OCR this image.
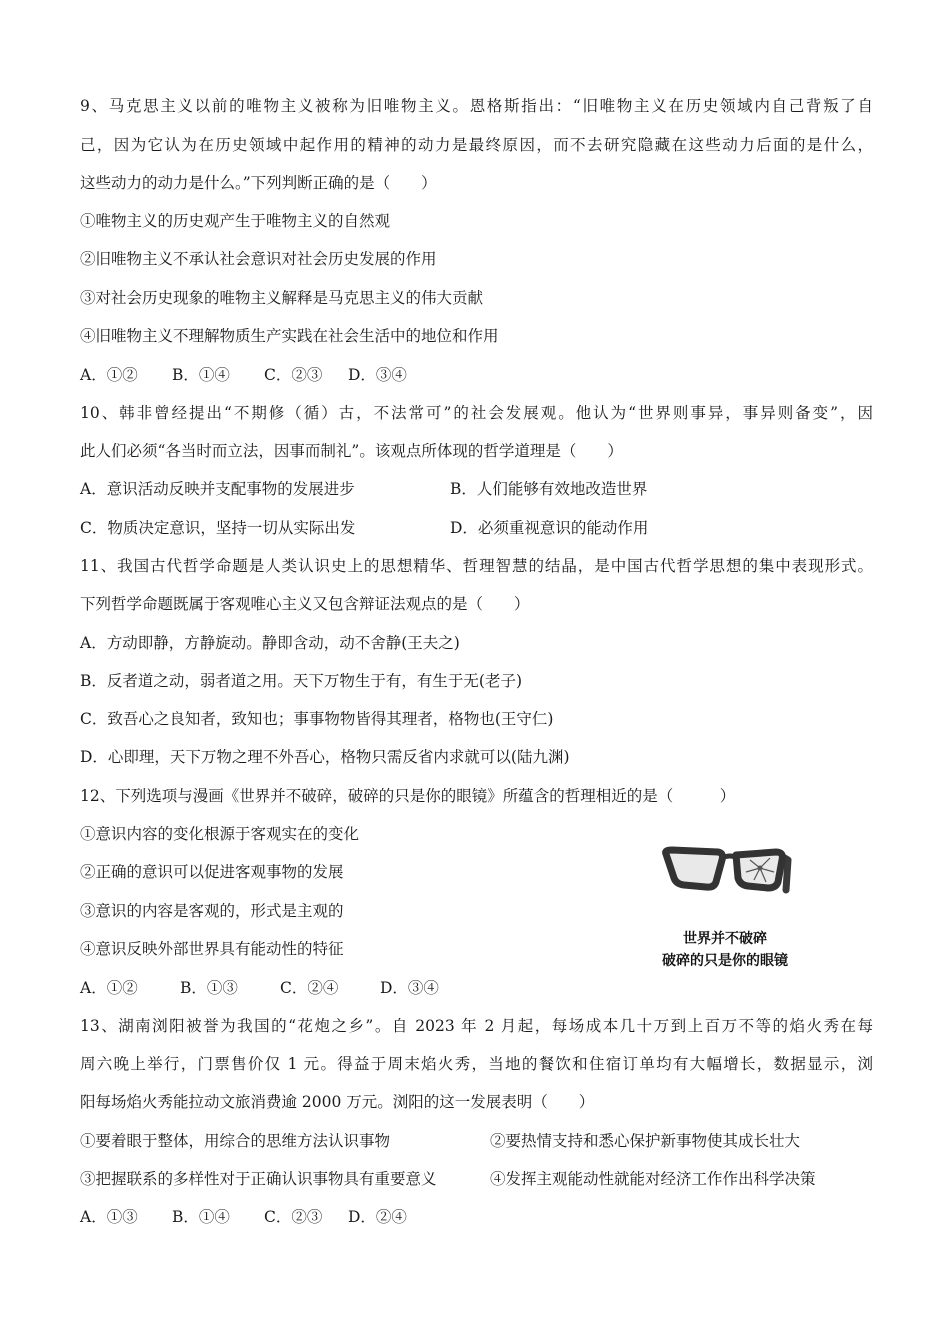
9、马克思主义以前的唯物主义被称为旧唯物主义。恩格斯指出：“旧唯物主义在历史领域内自己背叛了自
己，因为它认为在历史领域中起作用的精神的动力是最终原因，而不去研究隐藏在这些动力后面的是什么，
这些动力的动力是什么。”下列判断正确的是（　　）
①唯物主义的历史观产生于唯物主义的自然观
②旧唯物主义不承认社会意识对社会历史发展的作用
③对社会历史现象的唯物主义解释是马克思主义的伟大贡献
④旧唯物主义不理解物质生产实践在社会生活中的地位和作用
A．①② B．①④ C．②③ D．③④
10、韩非曾经提出“不期修（循）古，不法常可”的社会发展观。他认为“世界则事异，事异则备变”，因
此人们必须“各当时而立法，因事而制礼”。该观点所体现的哲学道理是（　　）
A．意识活动反映并支配事物的发展进步	B．人们能够有效地改造世界
C．物质决定意识，坚持一切从实际出发	D．必须重视意识的能动作用
11、我国古代哲学命题是人类认识史上的思想精华、哲理智慧的结晶，是中国古代哲学思想的集中表现形式。
下列哲学命题既属于客观唯心主义又包含辩证法观点的是（　　）
A．方动即静，方静旋动。静即含动，动不舍静(王夫之)
B．反者道之动，弱者道之用。天下万物生于有，有生于无(老子)
C．致吾心之良知者，致知也；事事物物皆得其理者，格物也(王守仁)
D．心即理，天下万物之理不外吾心，格物只需反省内求就可以(陆九渊)
12、下列选项与漫画《世界并不破碎，破碎的只是你的眼镜》所蕴含的哲理相近的是（　　　）
①意识内容的变化根源于客观实在的变化
②正确的意识可以促进客观事物的发展
③意识的内容是客观的，形式是主观的
④意识反映外部世界具有能动性的特征
A．①②	B．①③	C．②④	D．③④
世界并不破碎
破碎的只是你的眼镜
13、湖南浏阳被誉为我国的“花炮之乡”。自 2023 年 2 月起，每场成本几十万到上百万不等的焰火秀在每
周六晚上举行，门票售价仅 1 元。得益于周末焰火秀，当地的餐饮和住宿订单均有大幅增长，数据显示，浏
阳每场焰火秀能拉动文旅消费逾 2000 万元。浏阳的这一发展表明（　　）
①要着眼于整体，用综合的思维方法认识事物	②要热情支持和悉心保护新事物使其成长壮大
③把握联系的多样性对于正确认识事物具有重要意义	④发挥主观能动性就能对经济工作作出科学决策
A．①③ B．①④ C．②③ D．②④
